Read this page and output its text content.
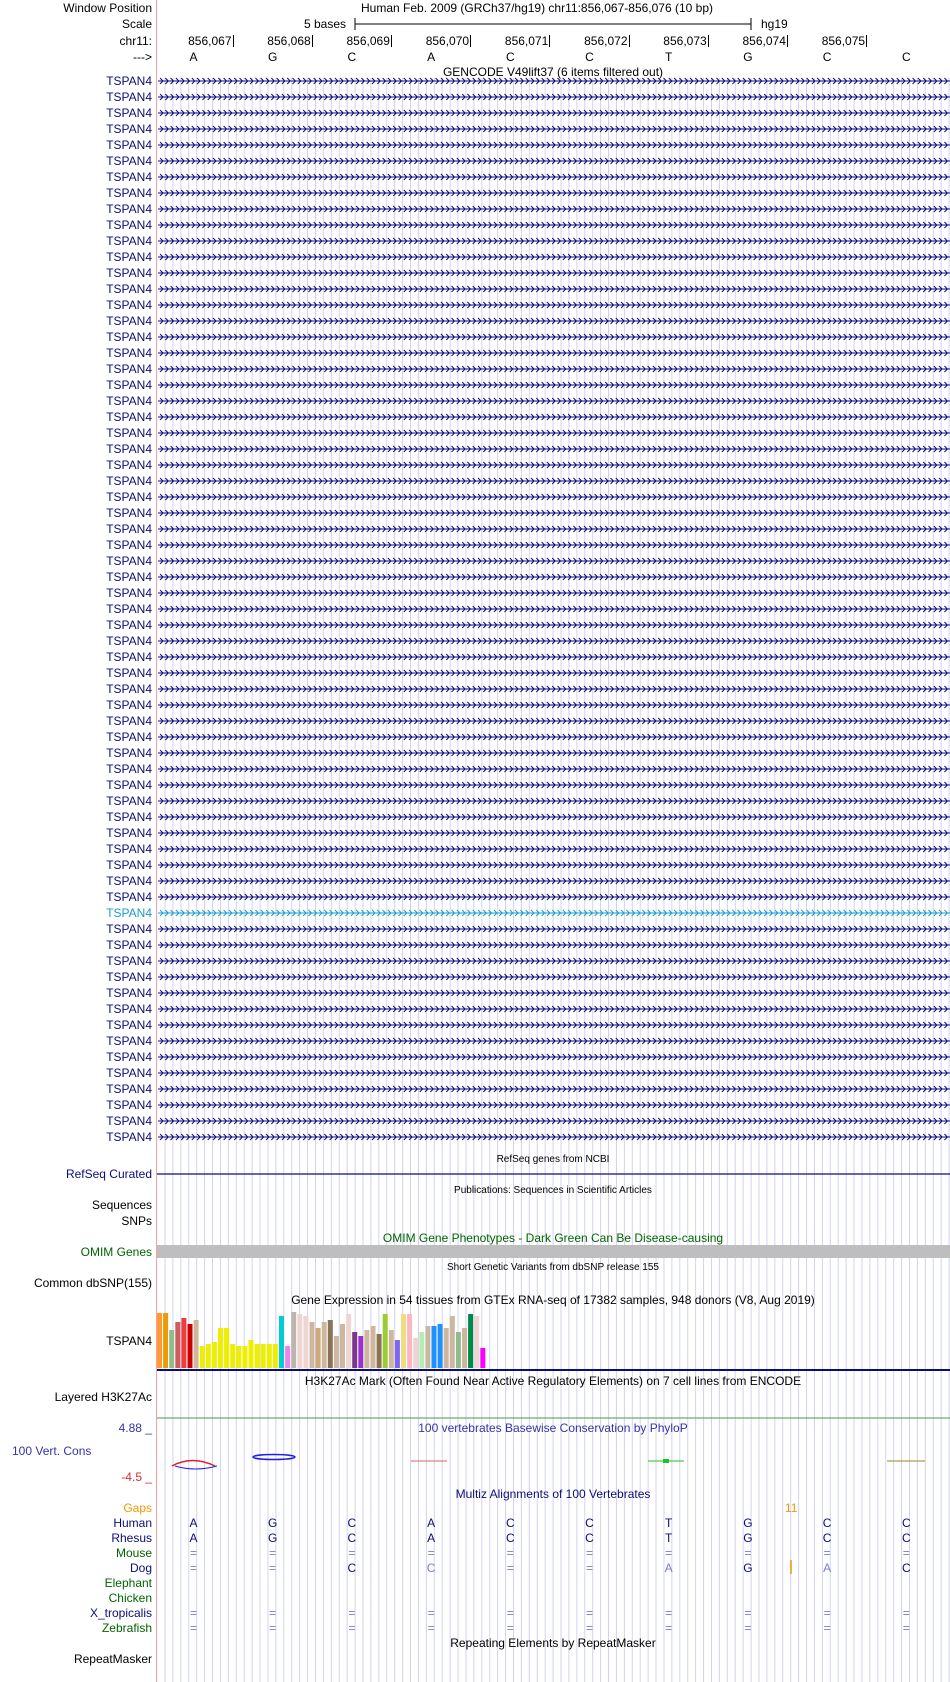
Window Position	Human Feb. 2009 (GRCh37/hg19) chr11:856,067-856,076 (10 bp)
Scale	5 bases	hg19
chr11:	856,067	856,068	856,069	856,070	856,071	856,072	856,073	856,074	856,075
--->	A	G	C	A	C	C	T	G	C	C
GENCODE V49lift37 (6 items filtered out)
TSPAN4
TSPAN4
TSPAN4
TSPAN4
TSPAN4
TSPAN4
TSPAN4
TSPAN4
TSPAN4
TSPAN4
TSPAN4
TSPAN4
TSPAN4
TSPAN4
TSPAN4
TSPAN4
TSPAN4
TSPAN4
TSPAN4
TSPAN4
TSPAN4
TSPAN4
TSPAN4
TSPAN4
TSPAN4
TSPAN4
TSPAN4
TSPAN4
TSPAN4
TSPAN4
TSPAN4
TSPAN4
TSPAN4
TSPAN4
TSPAN4
TSPAN4
TSPAN4
TSPAN4
TSPAN4
TSPAN4
TSPAN4
TSPAN4
TSPAN4
TSPAN4
TSPAN4
TSPAN4
TSPAN4
TSPAN4
TSPAN4
TSPAN4
TSPAN4
TSPAN4
TSPAN4
TSPAN4
TSPAN4
TSPAN4
TSPAN4
TSPAN4
TSPAN4
TSPAN4
TSPAN4
TSPAN4
TSPAN4
TSPAN4
TSPAN4
TSPAN4
TSPAN4
RefSeq genes from NCBI
RefSeq Curated
Publications: Sequences in Scientific Articles
Sequences
SNPs
OMIM Gene Phenotypes - Dark Green Can Be Disease-causing
OMIM Genes
Short Genetic Variants from dbSNP release 155
Common dbSNP(155)
Gene Expression in 54 tissues from GTEx RNA-seq of 17382 samples, 948 donors (V8, Aug 2019)
TSPAN4
H3K27Ac Mark (Often Found Near Active Regulatory Elements) on 7 cell lines from ENCODE
Layered H3K27Ac
100 vertebrates Basewise Conservation by PhyloP
4.88 _
100 Vert. Cons
-4.5 _
Multiz Alignments of 100 Vertebrates
Gaps	11
Human	A	G	C	A	C	C	T	G	C	C
Rhesus	A	G	C	A	C	C	T	G	C	C
Mouse	=	=	=	=	=	=	=	=	=	=
Dog	=	=	C	C	=	=	A	G	A	C
Elephant
Chicken
X_tropicalis	=	=	=	=	=	=	=	=	=	=
Zebrafish	=	=	=	=	=	=	=	=	=	=
Repeating Elements by RepeatMasker
RepeatMasker
